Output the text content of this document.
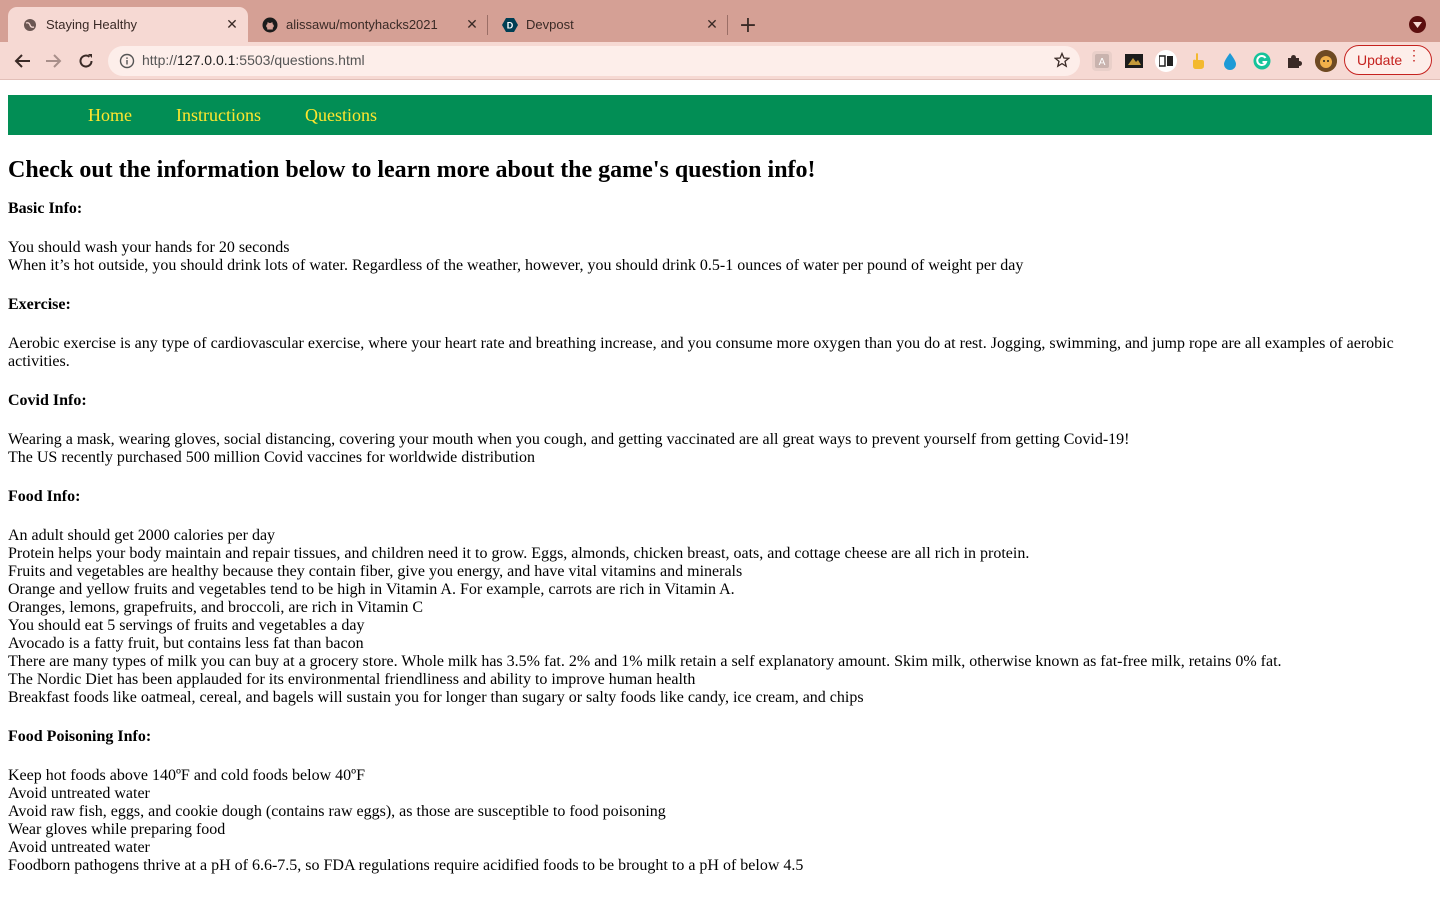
Staying Healthy	✕	alissawu/montyhacks2021	✕	D Devpost	✕ +
http://127.0.0.1:5503/questions.html	A	Update ⋮
Home Instructions Questions
Check out the information below to learn more about the game's question info!
Basic Info:
You should wash your hands for 20 seconds
When it’s hot outside, you should drink lots of water. Regardless of the weather, however, you should drink 0.5-1 ounces of water per pound of weight per day
Exercise:
Aerobic exercise is any type of cardiovascular exercise, where your heart rate and breathing increase, and you consume more oxygen than you do at rest. Jogging, swimming, and jump rope are all examples of aerobic activities.
Covid Info:
Wearing a mask, wearing gloves, social distancing, covering your mouth when you cough, and getting vaccinated are all great ways to prevent yourself from getting Covid-19!
The US recently purchased 500 million Covid vaccines for worldwide distribution
Food Info:
An adult should get 2000 calories per day
Protein helps your body maintain and repair tissues, and children need it to grow. Eggs, almonds, chicken breast, oats, and cottage cheese are all rich in protein.
Fruits and vegetables are healthy because they contain fiber, give you energy, and have vital vitamins and minerals
Orange and yellow fruits and vegetables tend to be high in Vitamin A. For example, carrots are rich in Vitamin A.
Oranges, lemons, grapefruits, and broccoli, are rich in Vitamin C
You should eat 5 servings of fruits and vegetables a day
Avocado is a fatty fruit, but contains less fat than bacon
There are many types of milk you can buy at a grocery store. Whole milk has 3.5% fat. 2% and 1% milk retain a self explanatory amount. Skim milk, otherwise known as fat-free milk, retains 0% fat.
The Nordic Diet has been applauded for its environmental friendliness and ability to improve human health
Breakfast foods like oatmeal, cereal, and bagels will sustain you for longer than sugary or salty foods like candy, ice cream, and chips
Food Poisoning Info:
Keep hot foods above 140ºF and cold foods below 40ºF
Avoid untreated water
Avoid raw fish, eggs, and cookie dough (contains raw eggs), as those are susceptible to food poisoning
Wear gloves while preparing food
Avoid untreated water
Foodborn pathogens thrive at a pH of 6.6-7.5, so FDA regulations require acidified foods to be brought to a pH of below 4.5
